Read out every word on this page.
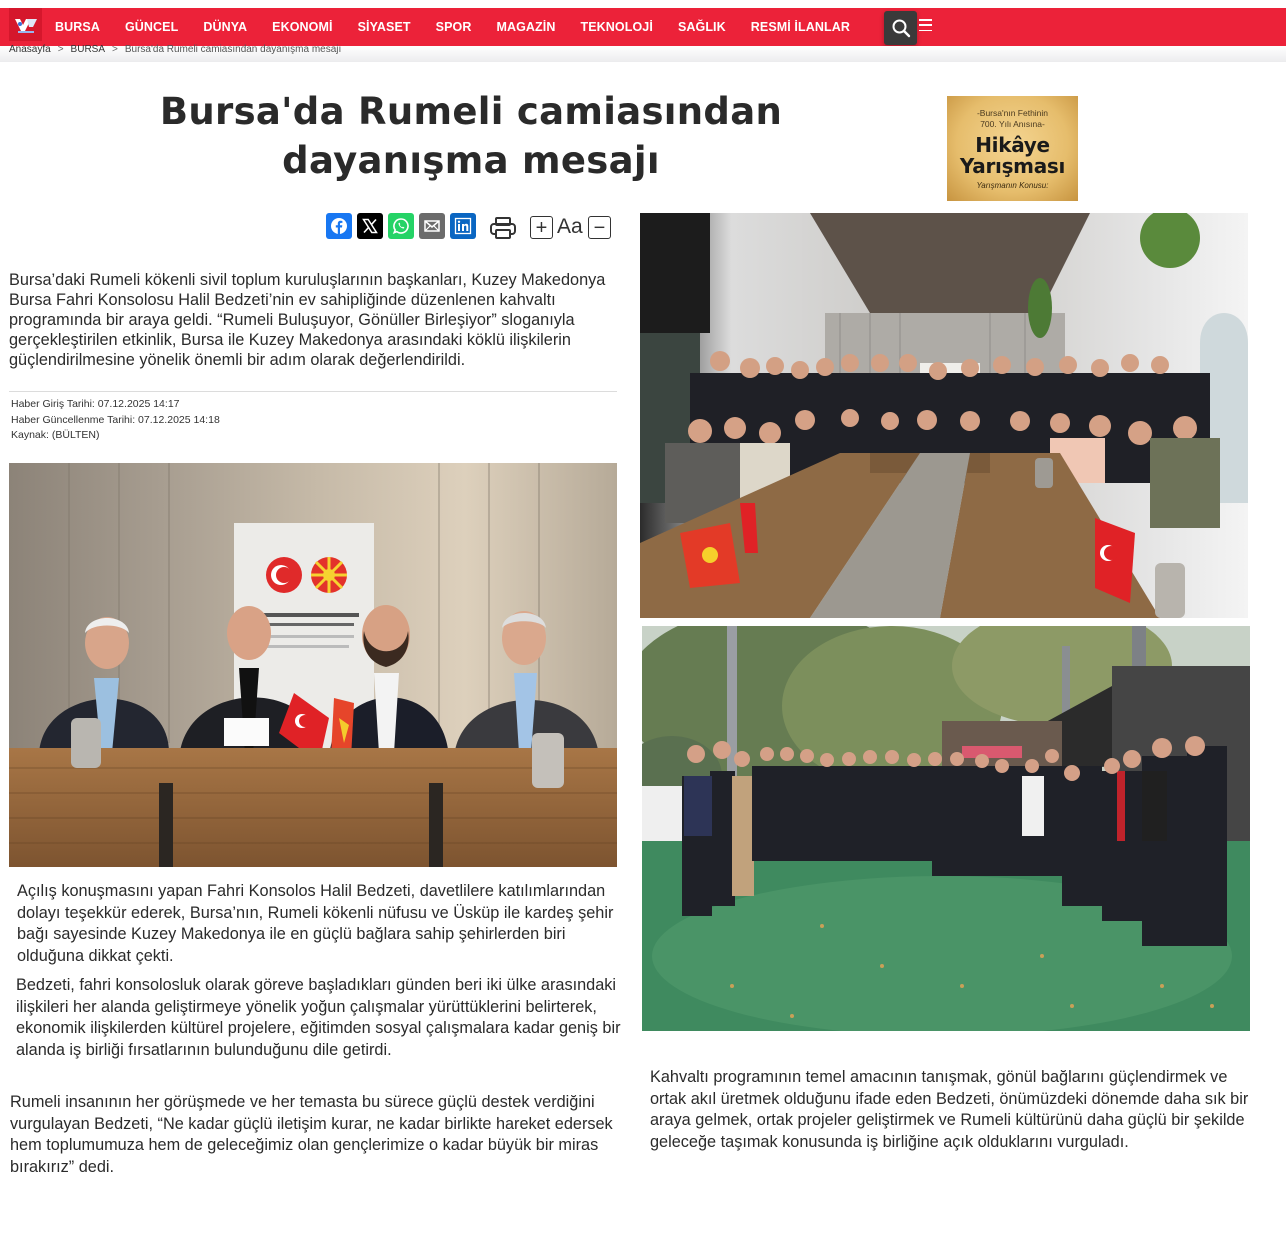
BURSA GÜNCEL DÜNYA EKONOMİ SİYASET SPOR MAGAZİN TEKNOLOJİ SAĞLIK RESMİ İLANLAR
Anasayfa > BURSA > Bursa'da Rumeli camiasından dayanışma mesajı
Bursa'da Rumeli camiasından dayanışma mesajı
-Bursa'nın Fethinin
700. Yılı Anısına-
Hikâye
Yarışması
Yarışmanın Konusu:
+ Aa −

Bursa’daki Rumeli kökenli sivil toplum kuruluşlarının başkanları, Kuzey Makedonya Bursa Fahri Konsolosu Halil Bedzeti’nin ev sahipliğinde düzenlenen kahvaltı programında bir araya geldi. “Rumeli Buluşuyor, Gönüller Birleşiyor” sloganıyla gerçekleştirilen etkinlik, Bursa ile Kuzey Makedonya arasındaki köklü ilişkilerin güçlendirilmesine yönelik önemli bir adım olarak değerlendirildi.

Haber Giriş Tarihi: 07.12.2025 14:17
Haber Güncellenme Tarihi: 07.12.2025 14:18
Kaynak: (BÜLTEN)

Açılış konuşmasını yapan Fahri Konsolos Halil Bedzeti, davetlilere katılımlarından dolayı teşekkür ederek, Bursa’nın, Rumeli kökenli nüfusu ve Üsküp ile kardeş şehir bağı sayesinde Kuzey Makedonya ile en güçlü bağlara sahip şehirlerden biri olduğuna dikkat çekti.

Bedzeti, fahri konsolosluk olarak göreve başladıkları günden beri iki ülke arasındaki ilişkileri her alanda geliştirmeye yönelik yoğun çalışmalar yürüttüklerini belirterek, ekonomik ilişkilerden kültürel projelere, eğitimden sosyal çalışmalara kadar geniş bir alanda iş birliği fırsatlarının bulunduğunu dile getirdi.

Rumeli insanının her görüşmede ve her temasta bu sürece güçlü destek verdiğini vurgulayan Bedzeti, “Ne kadar güçlü iletişim kurar, ne kadar birlikte hareket edersek hem toplumumuza hem de geleceğimiz olan gençlerimize o kadar büyük bir miras bırakırız” dedi.

Kahvaltı programının temel amacının tanışmak, gönül bağlarını güçlendirmek ve ortak akıl üretmek olduğunu ifade eden Bedzeti, önümüzdeki dönemde daha sık bir araya gelmek, ortak projeler geliştirmek ve Rumeli kültürünü daha güçlü bir şekilde geleceğe taşımak konusunda iş birliğine açık olduklarını vurguladı.
